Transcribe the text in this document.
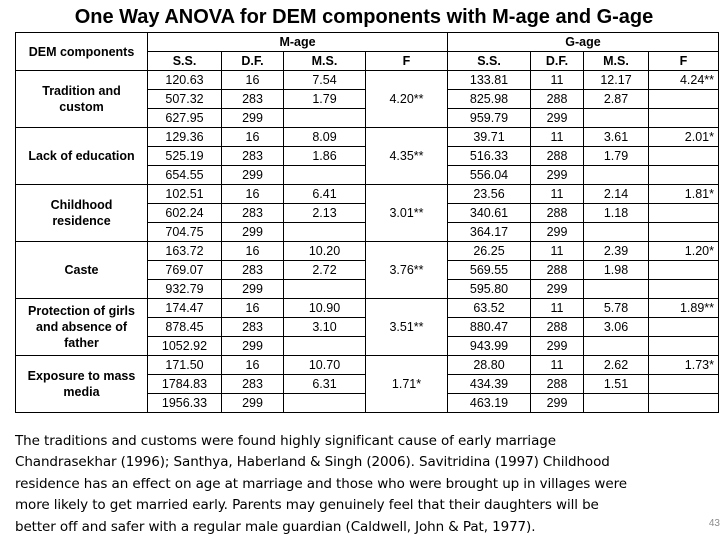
One Way ANOVA for DEM components with M-age and G-age
DEM components	M-age				G-age			
	S.S.	D.F.	M.S.	F	S.S.	D.F.	M.S.	F
Tradition and
custom	120.63	16	7.54	4.20**	133.81	11	12.17	4.24**
	507.32	283	1.79		825.98	288	2.87	
	627.95	299			959.79	299		
Lack of education	129.36	16	8.09	4.35**	39.71	11	3.61	2.01*
	525.19	283	1.86		516.33	288	1.79	
	654.55	299			556.04	299		
Childhood
residence	102.51	16	6.41	3.01**	23.56	11	2.14	1.81*
	602.24	283	2.13		340.61	288	1.18	
	704.75	299			364.17	299		
Caste	163.72	16	10.20	3.76**	26.25	11	2.39	1.20*
	769.07	283	2.72		569.55	288	1.98	
	932.79	299			595.80	299		
Protection of girls
and absence of
father	174.47	16	10.90	3.51**	63.52	11	5.78	1.89**
	878.45	283	3.10		880.47	288	3.06	
	1052.92	299			943.99	299		
Exposure to mass
media	171.50	16	10.70	1.71*	28.80	11	2.62	1.73*
	1784.83	283	6.31		434.39	288	1.51	
	1956.33	299			463.19	299		
The traditions and customs were found highly significant cause of early marriage
Chandrasekhar (1996); Santhya, Haberland & Singh (2006). Savitridina (1997) Childhood
residence has an effect on age at marriage and those who were brought up in villages were
more likely to get married early. Parents may genuinely feel that their daughters will be
better off and safer with a regular male guardian (Caldwell, John & Pat, 1977).	43
